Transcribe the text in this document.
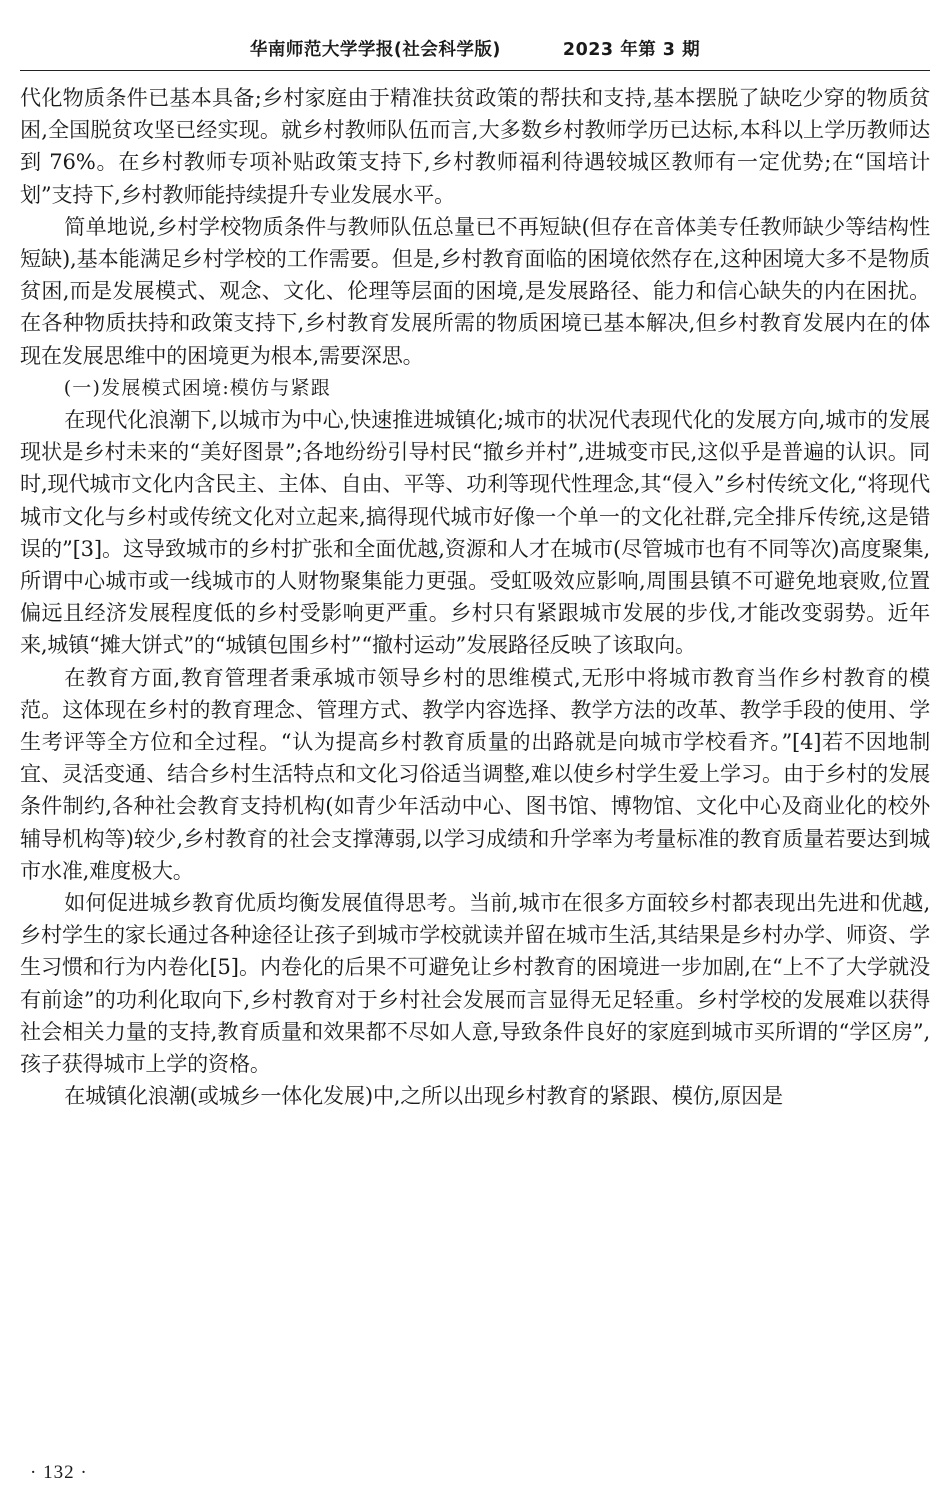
华南师范大学学报(社会科学版)	2023 年第 3 期

代化物质条件已基本具备;乡村家庭由于精准扶贫政策的帮扶和支持,基本摆脱了缺吃少穿的物质贫困,全国脱贫攻坚已经实现。就乡村教师队伍而言,大多数乡村教师学历已达标,本科以上学历教师达到 76%。在乡村教师专项补贴政策支持下,乡村教师福利待遇较城区教师有一定优势;在“国培计划”支持下,乡村教师能持续提升专业发展水平。

简单地说,乡村学校物质条件与教师队伍总量已不再短缺(但存在音体美专任教师缺少等结构性短缺),基本能满足乡村学校的工作需要。但是,乡村教育面临的困境依然存在,这种困境大多不是物质贫困,而是发展模式、观念、文化、伦理等层面的困境,是发展路径、能力和信心缺失的内在困扰。在各种物质扶持和政策支持下,乡村教育发展所需的物质困境已基本解决,但乡村教育发展内在的体现在发展思维中的困境更为根本,需要深思。

(一)发展模式困境:模仿与紧跟

在现代化浪潮下,以城市为中心,快速推进城镇化;城市的状况代表现代化的发展方向,城市的发展现状是乡村未来的“美好图景”;各地纷纷引导村民“撤乡并村”,进城变市民,这似乎是普遍的认识。同时,现代城市文化内含民主、主体、自由、平等、功利等现代性理念,其“侵入”乡村传统文化,“将现代城市文化与乡村或传统文化对立起来,搞得现代城市好像一个单一的文化社群,完全排斥传统,这是错误的”[3]。这导致城市的乡村扩张和全面优越,资源和人才在城市(尽管城市也有不同等次)高度聚集,所谓中心城市或一线城市的人财物聚集能力更强。受虹吸效应影响,周围县镇不可避免地衰败,位置偏远且经济发展程度低的乡村受影响更严重。乡村只有紧跟城市发展的步伐,才能改变弱势。近年来,城镇“摊大饼式”的“城镇包围乡村”“撤村运动”发展路径反映了该取向。

在教育方面,教育管理者秉承城市领导乡村的思维模式,无形中将城市教育当作乡村教育的模范。这体现在乡村的教育理念、管理方式、教学内容选择、教学方法的改革、教学手段的使用、学生考评等全方位和全过程。“认为提高乡村教育质量的出路就是向城市学校看齐。”[4]若不因地制宜、灵活变通、结合乡村生活特点和文化习俗适当调整,难以使乡村学生爱上学习。由于乡村的发展条件制约,各种社会教育支持机构(如青少年活动中心、图书馆、博物馆、文化中心及商业化的校外辅导机构等)较少,乡村教育的社会支撑薄弱,以学习成绩和升学率为考量标准的教育质量若要达到城市水准,难度极大。

如何促进城乡教育优质均衡发展值得思考。当前,城市在很多方面较乡村都表现出先进和优越,乡村学生的家长通过各种途径让孩子到城市学校就读并留在城市生活,其结果是乡村办学、师资、学生习惯和行为内卷化[5]。内卷化的后果不可避免让乡村教育的困境进一步加剧,在“上不了大学就没有前途”的功利化取向下,乡村教育对于乡村社会发展而言显得无足轻重。乡村学校的发展难以获得社会相关力量的支持,教育质量和效果都不尽如人意,导致条件良好的家庭到城市买所谓的“学区房”,孩子获得城市上学的资格。

在城镇化浪潮(或城乡一体化发展)中,之所以出现乡村教育的紧跟、模仿,原因是

· 132 ·
